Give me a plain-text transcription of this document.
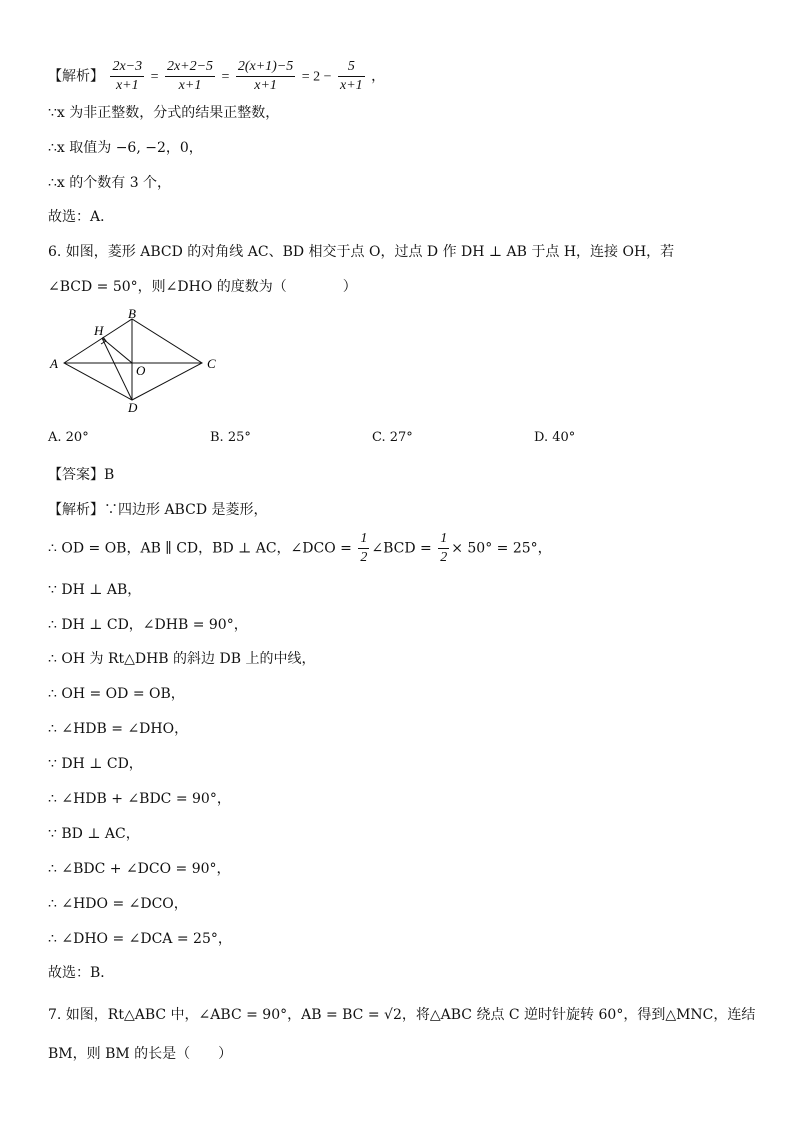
【解析】 $\frac{2x-3}{x+1} = \frac{2x+2-5}{x+1} = \frac{2(x+1)-5}{x+1} = 2 - \frac{5}{x+1}$ ，
∵x 为非正整数，分式的结果正整数，
∴x 取值为 −6, −2，0，
∴x 的个数有 3 个，
故选：A．
6. 如图，菱形 ABCD 的对角线 AC、BD 相交于点 O，过点 D 作 DH ⊥ AB 于点 H，连接 OH，若
∠BCD = 50°，则∠DHO 的度数为（　　　　）
A
B
C
D
H
O
A. 20°	B. 25°	C. 27°	D. 40°
【答案】B
【解析】∵四边形 ABCD 是菱形，
∴ OD = OB，AB ∥ CD，BD ⊥ AC，∠DCO = $\frac{1}{2}$ ∠BCD = $\frac{1}{2} \times 50^\circ = 25^\circ$，
∵ DH ⊥ AB，
∴ DH ⊥ CD，∠DHB = 90°，
∴ OH 为 Rt△DHB 的斜边 DB 上的中线，
∴ OH = OD = OB，
∴ ∠HDB = ∠DHO，
∵ DH ⊥ CD，
∴ ∠HDB + ∠BDC = 90°，
∵ BD ⊥ AC，
∴ ∠BDC + ∠DCO = 90°，
∴ ∠HDO = ∠DCO，
∴ ∠DHO = ∠DCA = 25°，
故选：B．
7. 如图，Rt△ABC 中，∠ABC = 90°，AB = BC = √2，将△ABC 绕点 C 逆时针旋转 60°，得到△MNC，连结
BM，则 BM 的长是（　　）
